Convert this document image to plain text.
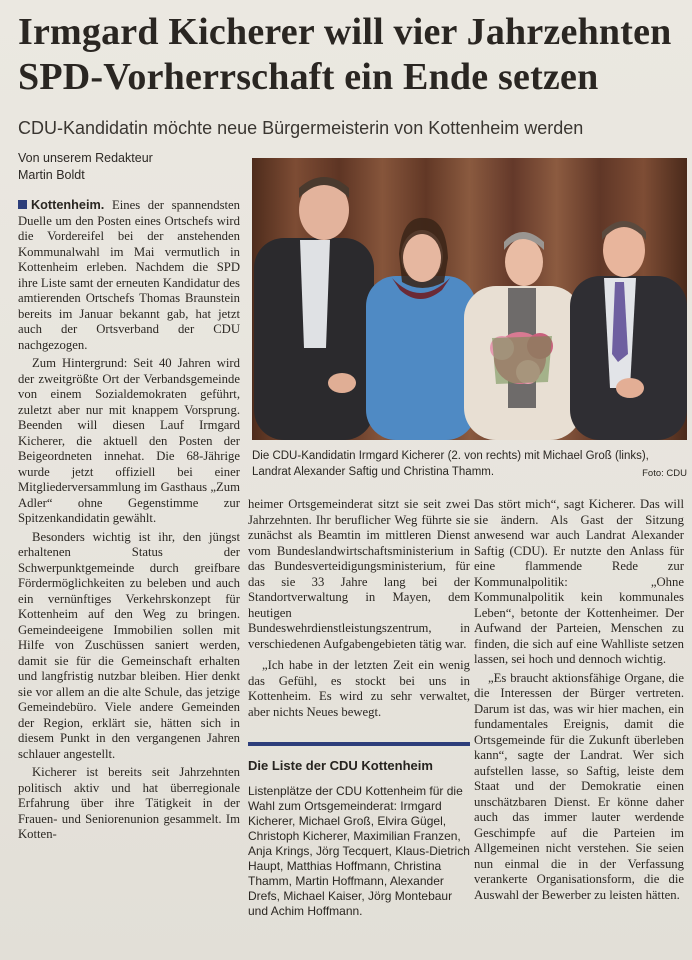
Irmgard Kicherer will vier Jahrzehnten
SPD-Vorherrschaft ein Ende setzen
CDU-Kandidatin möchte neue Bürgermeisterin von Kottenheim werden
Von unserem Redakteur
Martin Boldt

Kottenheim. Eines der spannendsten Duelle um den Posten eines Ortschefs wird die Vordereifel bei der anstehenden Kommunalwahl im Mai vermutlich in Kottenheim erleben. Nachdem die SPD ihre Liste samt der erneuten Kandidatur des amtierenden Ortschefs Thomas Braunstein bereits im Januar bekannt gab, hat jetzt auch der Ortsverband der CDU nachgezogen.

Zum Hintergrund: Seit 40 Jahren wird der zweitgrößte Ort der Verbandsgemeinde von einem Sozialdemokraten geführt, zuletzt aber nur mit knappem Vorsprung. Beenden will diesen Lauf Irmgard Kicherer, die aktuell den Posten der Beigeordneten innehat. Die 68-Jährige wurde jetzt offiziell bei einer Mitgliederversammlung im Gasthaus „Zum Adler“ ohne Gegenstimme zur Spitzenkandidatin gewählt.

Besonders wichtig ist ihr, den jüngst erhaltenen Status der Schwerpunktgemeinde durch greifbare Fördermöglichkeiten zu beleben und auch ein vernünftiges Verkehrskonzept für Kottenheim auf den Weg zu bringen. Gemeindeeigene Immobilien sollen mit Hilfe von Zuschüssen saniert werden, damit sie für die Gemeinschaft erhalten und langfristig nutzbar bleiben. Hier denkt sie vor allem an die alte Schule, das jetzige Gemeindebüro. Viele andere Gemeinden der Region, erklärt sie, hätten sich in diesem Punkt in den vergangenen Jahren schlauer angestellt.

Kicherer ist bereits seit Jahrzehnten politisch aktiv und hat überregionale Erfahrung über ihre Tätigkeit in der Frauen- und Seniorenunion gesammelt. Im Kotten-

Die CDU-Kandidatin Irmgard Kicherer (2. von rechts) mit Michael Groß (links), Landrat Alexander Saftig und Christina Thamm.	Foto: CDU

heimer Ortsgemeinderat sitzt sie seit zwei Jahrzehnten. Ihr beruflicher Weg führte sie zunächst als Beamtin im mittleren Dienst vom Bundeslandwirtschaftsministerium in das Bundesverteidigungsministerium, für das sie 33 Jahre lang bei der Standortverwaltung in Mayen, dem heutigen Bundeswehrdienstleistungszentrum, in verschiedenen Aufgabengebieten tätig war.

„Ich habe in der letzten Zeit ein wenig das Gefühl, es stockt bei uns in Kottenheim. Es wird zu sehr verwaltet, aber nichts Neues bewegt.

Die Liste der CDU Kottenheim
Listenplätze der CDU Kottenheim für die Wahl zum Ortsgemeinderat: Irmgard Kicherer, Michael Groß, Elvira Gügel, Christoph Kicherer, Maximilian Franzen, Anja Krings, Jörg Tecquert, Klaus-Dietrich Haupt, Matthias Hoffmann, Christina Thamm, Martin Hoffmann, Alexander Drefs, Michael Kaiser, Jörg Montebaur und Achim Hoffmann.

Das stört mich“, sagt Kicherer. Das will sie ändern. Als Gast der Sitzung anwesend war auch Landrat Alexander Saftig (CDU). Er nutzte den Anlass für eine flammende Rede zur Kommunalpolitik: „Ohne Kommunalpolitik kein kommunales Leben“, betonte der Kottenheimer. Der Aufwand der Parteien, Menschen zu finden, die sich auf eine Wahlliste setzen lassen, sei hoch und dennoch wichtig.

„Es braucht aktionsfähige Organe, die die Interessen der Bürger vertreten. Darum ist das, was wir hier machen, ein fundamentales Ereignis, damit die Ortsgemeinde für die Zukunft überleben kann“, sagte der Landrat. Wer sich aufstellen lasse, so Saftig, leiste dem Staat und der Demokratie einen unschätzbaren Dienst. Er könne daher auch das immer lauter werdende Geschimpfe auf die Parteien im Allgemeinen nicht verstehen. Sie seien nun einmal die in der Verfassung verankerte Organisationsform, die die Auswahl der Bewerber zu leisten hätten.
